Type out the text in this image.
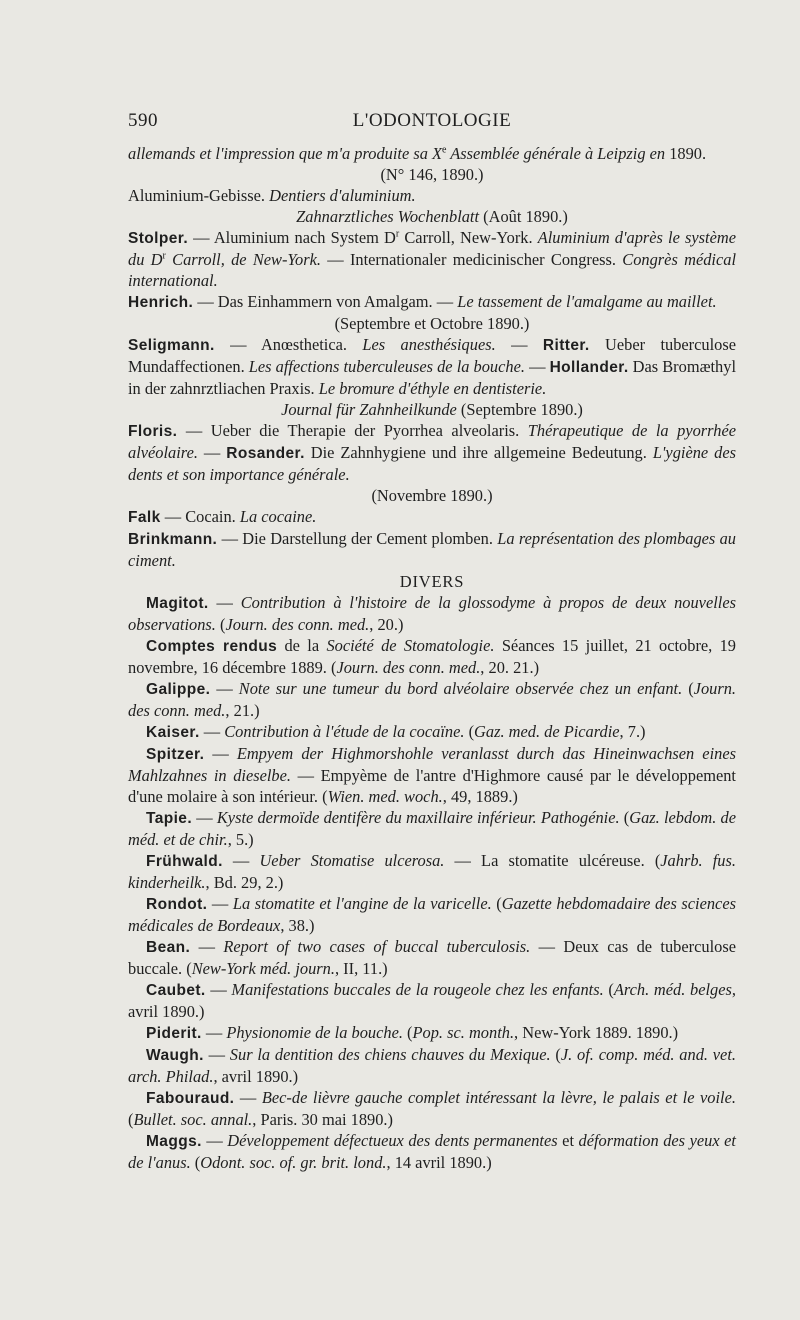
590	L'ODONTOLOGIE

allemands et l'impression que m'a produite sa Xe Assemblée générale à Leipzig en 1890.

(N° 146, 1890.)

Aluminium-Gebisse. Dentiers d'aluminium.

Zahnarztliches Wochenblatt (Août 1890.)

Stolper. — Aluminium nach System $D^r$ Carroll, New-York. Aluminium d'après le système du $D^r$ Carroll, de New-York. — Internationaler medicinischer Congress. Congrès médical international.

Henrich. — Das Einhammern von Amalgam. — Le tassement de l'amalgame au maillet.

(Septembre et Octobre 1890.)

Seligmann. — Anœsthetica. Les anesthésiques. — Ritter. Ueber tuberculose Mundaffectionen. Les affections tuberculeuses de la bouche. — Hollander. Das Bromæthyl in der zahnrztliachen Praxis. Le bromure d'éthyle en dentisterie.

Journal für Zahnheilkunde (Septembre 1890.)

Floris. — Ueber die Therapie der Pyorrhea alveolaris. Thérapeutique de la pyorrhée alvéolaire. — Rosander. Die Zahnhygiene und ihre allgemeine Bedeutung. L'ygiène des dents et son importance générale.

(Novembre 1890.)

Falk — Cocain. La cocaine.

Brinkmann. — Die Darstellung der Cement plomben. La représentation des plombages au ciment.

DIVERS

Magitot. — Contribution à l'histoire de la glossodyme à propos de deux nouvelles observations. (Journ. des conn. med., 20.)

Comptes rendus de la Société de Stomatologie. Séances 15 juillet, 21 octobre, 19 novembre, 16 décembre 1889. (Journ. des conn. med., 20. 21.)

Galippe. — Note sur une tumeur du bord alvéolaire observée chez un enfant. (Journ. des conn. med., 21.)

Kaiser. — Contribution à l'étude de la cocaïne. (Gaz. med. de Picardie, 7.)

Spitzer. — Empyem der Highmorshohle veranlasst durch das Hineinwachsen eines Mahlzahnes in dieselbe. — Empyème de l'antre d'Highmore causé par le développement d'une molaire à son intérieur. (Wien. med. woch., 49, 1889.)

Tapie. — Kyste dermoïde dentifère du maxillaire inférieur. Pathogénie. (Gaz. lebdom. de méd. et de chir., 5.)

Frühwald. — Ueber Stomatise ulcerosa. — La stomatite ulcéreuse. (Jahrb. fus. kinderheilk., Bd. 29, 2.)

Rondot. — La stomatite et l'angine de la varicelle. (Gazette hebdomadaire des sciences médicales de Bordeaux, 38.)

Bean. — Report of two cases of buccal tuberculosis. — Deux cas de tuberculose buccale. (New-York méd. journ., II, 11.)

Caubet. — Manifestations buccales de la rougeole chez les enfants. (Arch. méd. belges, avril 1890.)

Piderit. — Physionomie de la bouche. (Pop. sc. month., New-York 1889. 1890.)

Waugh. — Sur la dentition des chiens chauves du Mexique. (J. of. comp. méd. and. vet. arch. Philad., avril 1890.)

Fabouraud. — Bec-de lièvre gauche complet intéressant la lèvre, le palais et le voile. (Bullet. soc. annal., Paris. 30 mai 1890.)

Maggs. — Développement défectueux des dents permanentes et déformation des yeux et de l'anus. (Odont. soc. of. gr. brit. lond., 14 avril 1890.)
